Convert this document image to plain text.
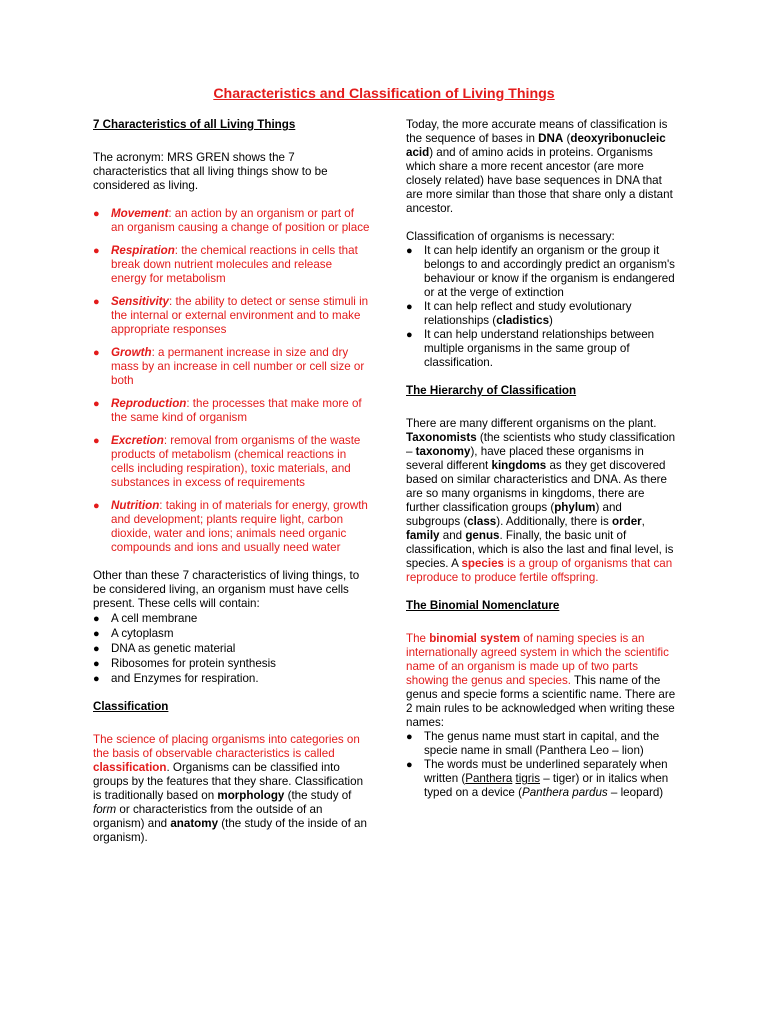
Characteristics and Classification of Living Things
7 Characteristics of all Living Things

The acronym: MRS GREN shows the 7 characteristics that all living things show to be considered as living.

● Movement: an action by an organism or part of an organism causing a change of position or place
● Respiration: the chemical reactions in cells that break down nutrient molecules and release energy for metabolism
● Sensitivity: the ability to detect or sense stimuli in the internal or external environment and to make appropriate responses
● Growth: a permanent increase in size and dry mass by an increase in cell number or cell size or both
● Reproduction: the processes that make more of the same kind of organism
● Excretion: removal from organisms of the waste products of metabolism (chemical reactions in cells including respiration), toxic materials, and substances in excess of requirements
● Nutrition: taking in of materials for energy, growth and development; plants require light, carbon dioxide, water and ions; animals need organic compounds and ions and usually need water

Other than these 7 characteristics of living things, to be considered living, an organism must have cells present. These cells will contain:

● A cell membrane
● A cytoplasm
● DNA as genetic material
● Ribosomes for protein synthesis
● and Enzymes for respiration.
Classification

The science of placing organisms into categories on the basis of observable characteristics is called classification. Organisms can be classified into groups by the features that they share. Classification is traditionally based on morphology (the study of form or characteristics from the outside of an organism) and anatomy (the study of the inside of an organism).

Today, the more accurate means of classification is the sequence of bases in DNA (deoxyribonucleic acid) and of amino acids in proteins. Organisms which share a more recent ancestor (are more closely related) have base sequences in DNA that are more similar than those that share only a distant ancestor.

Classification of organisms is necessary:

● It can help identify an organism or the group it belongs to and accordingly predict an organism's behaviour or know if the organism is endangered or at the verge of extinction
● It can help reflect and study evolutionary relationships (cladistics)
● It can help understand relationships between multiple organisms in the same group of classification.
The Hierarchy of Classification

There are many different organisms on the plant. Taxonomists (the scientists who study classification – taxonomy), have placed these organisms in several different kingdoms as they get discovered based on similar characteristics and DNA. As there are so many organisms in kingdoms, there are further classification groups (phylum) and subgroups (class). Additionally, there is order, family and genus. Finally, the basic unit of classification, which is also the last and final level, is species. A species is a group of organisms that can reproduce to produce fertile offspring.

The Binomial Nomenclature

The binomial system of naming species is an internationally agreed system in which the scientific name of an organism is made up of two parts showing the genus and species. This name of the genus and specie forms a scientific name. There are 2 main rules to be acknowledged when writing these names:

● The genus name must start in capital, and the specie name in small (Panthera Leo – lion)
● The words must be underlined separately when written (Panthera tigris – tiger) or in italics when typed on a device (Panthera pardus – leopard)
